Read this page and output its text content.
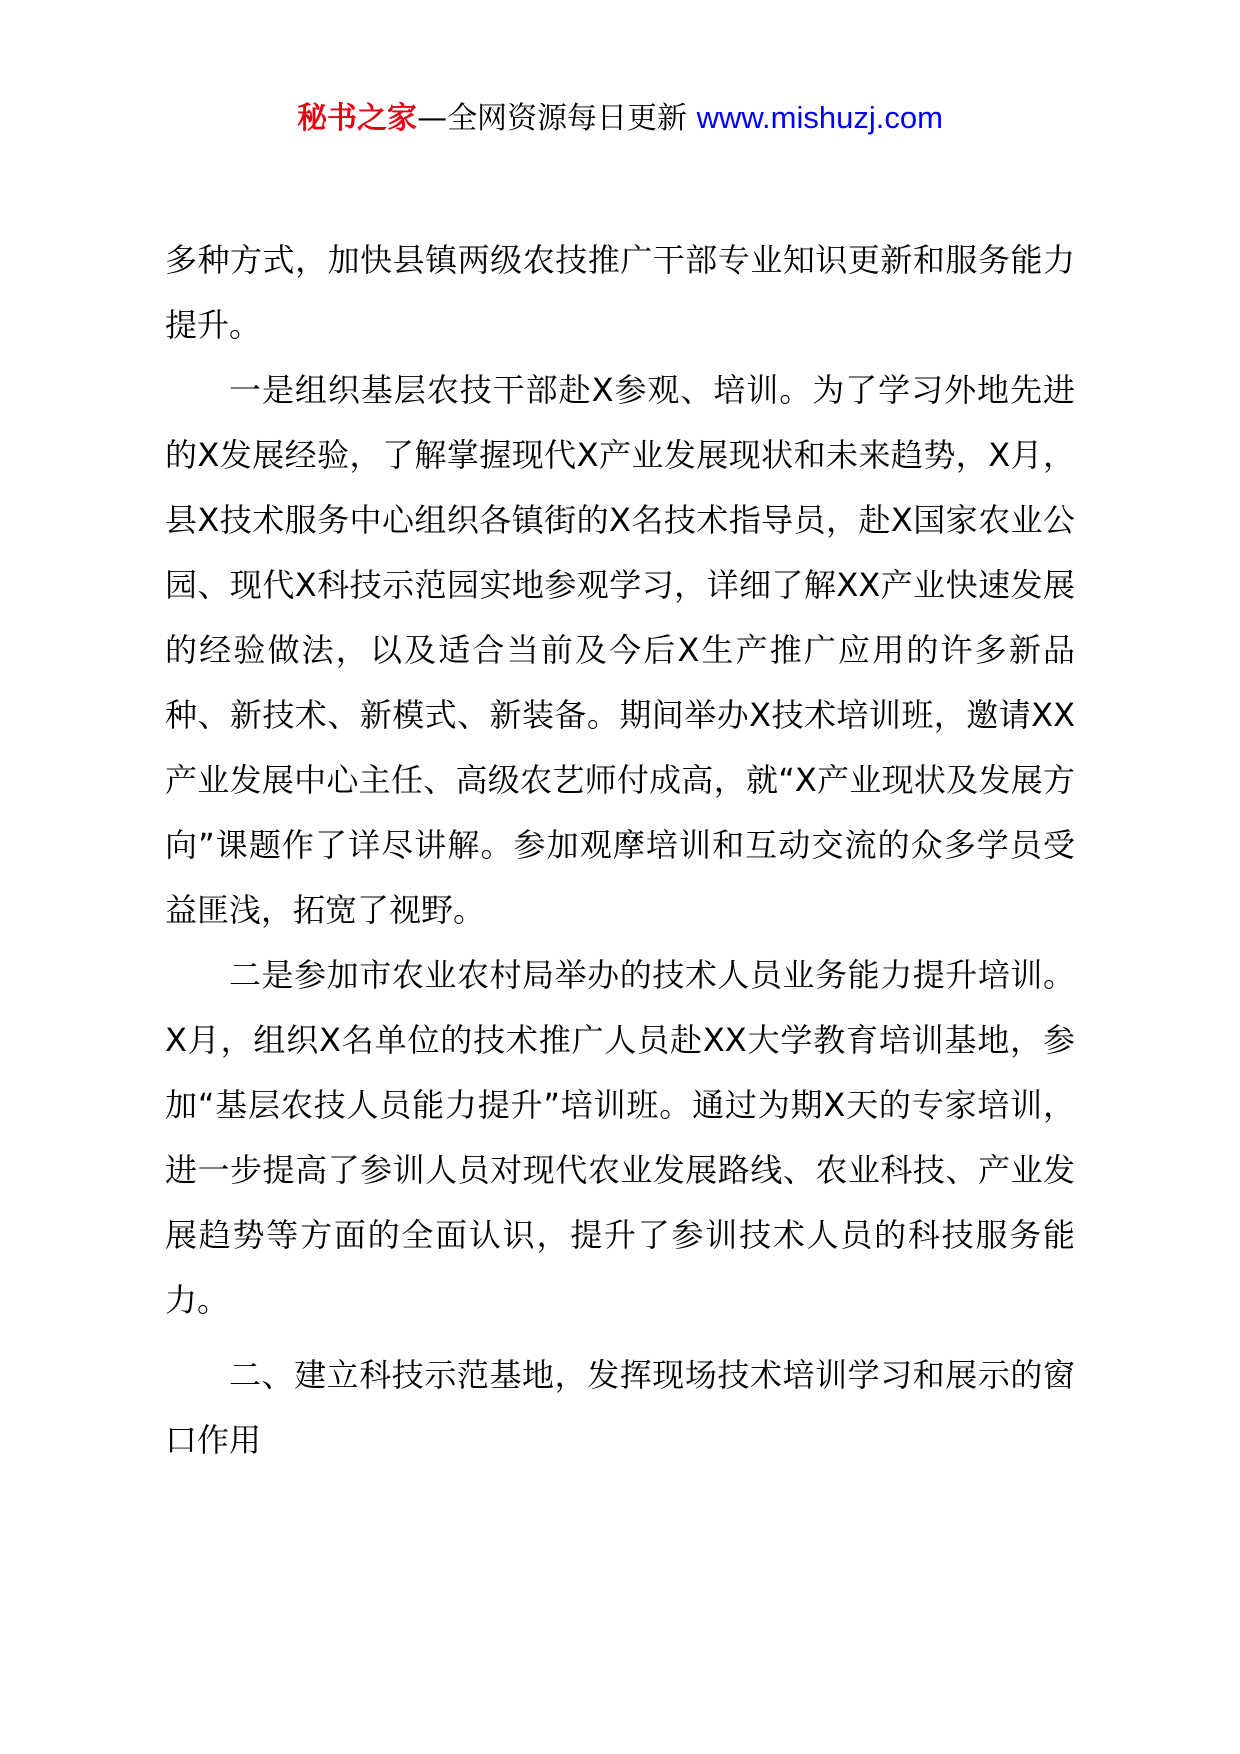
秘书之家—全网资源每日更新 www.mishuzj.com

多种方式，加快县镇两级农技推广干部专业知识更新和服务能力提升。

一是组织基层农技干部赴X参观、培训。为了学习外地先进的X发展经验，了解掌握现代X产业发展现状和未来趋势，X月，县X技术服务中心组织各镇街的X名技术指导员，赴X国家农业公园、现代X科技示范园实地参观学习，详细了解XX产业快速发展的经验做法，以及适合当前及今后X生产推广应用的许多新品种、新技术、新模式、新装备。期间举办X技术培训班，邀请XX产业发展中心主任、高级农艺师付成高，就“X产业现状及发展方向”课题作了详尽讲解。参加观摩培训和互动交流的众多学员受益匪浅，拓宽了视野。

二是参加市农业农村局举办的技术人员业务能力提升培训。X月，组织X名单位的技术推广人员赴XX大学教育培训基地，参加“基层农技人员能力提升”培训班。通过为期X天的专家培训，进一步提高了参训人员对现代农业发展路线、农业科技、产业发展趋势等方面的全面认识，提升了参训技术人员的科技服务能力。

二、建立科技示范基地，发挥现场技术培训学习和展示的窗口作用
